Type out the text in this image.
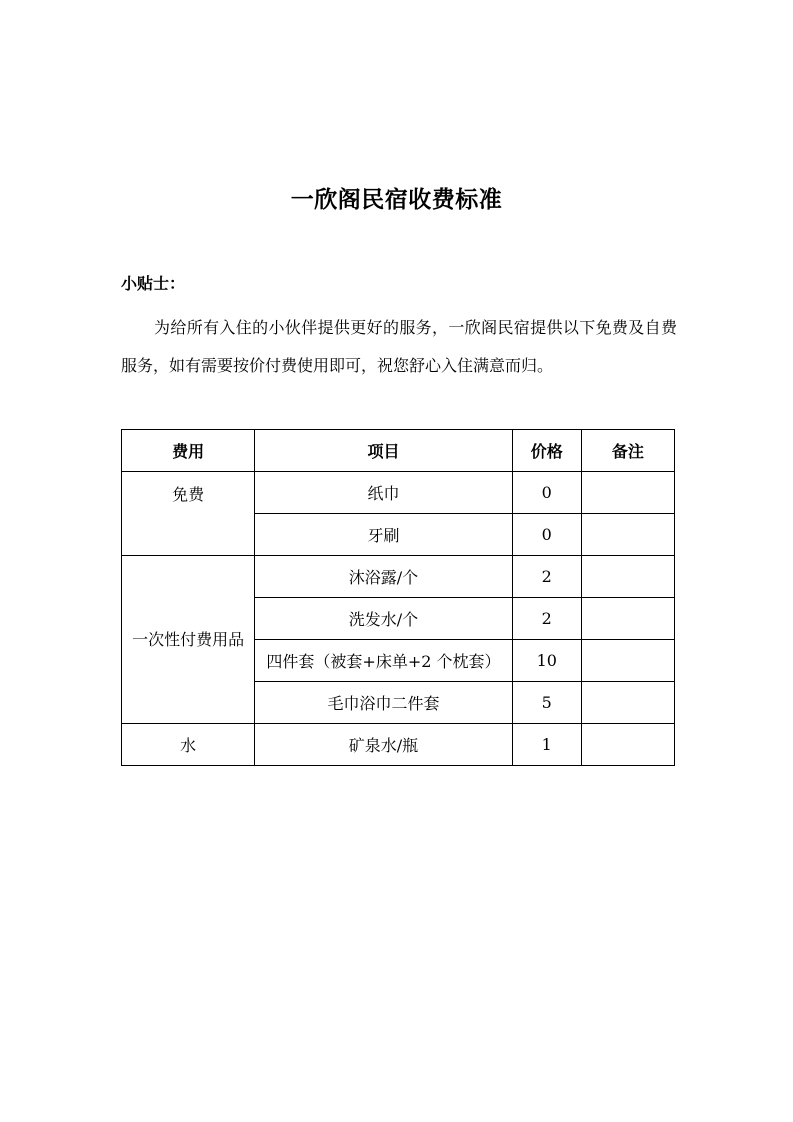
一欣阁民宿收费标准
小贴士：

为给所有入住的小伙伴提供更好的服务，一欣阁民宿提供以下免费及自费服务，如有需要按价付费使用即可，祝您舒心入住满意而归。

费用	项目	价格	备注
免费	纸巾	0	
	牙刷	0	
一次性付费用品	沐浴露/个	2	
	洗发水/个	2	
	四件套（被套+床单+2 个枕套）	10	
	毛巾浴巾二件套	5	
水	矿泉水/瓶	1	
